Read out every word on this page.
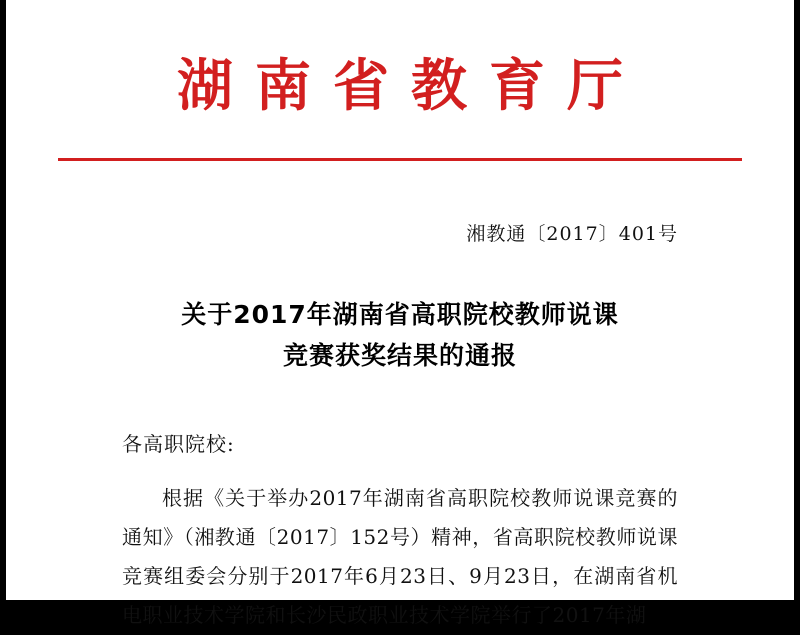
湖南省教育厅
湘教通〔2017〕401号
关于2017年湖南省高职院校教师说课
竞赛获奖结果的通报
各高职院校:
根据《关于举办2017年湖南省高职院校教师说课竞赛的通知》（湘教通〔2017〕152号）精神，省高职院校教师说课竞赛组委会分别于2017年6月23日、9月23日，在湖南省机电职业技术学院和长沙民政职业技术学院举行了2017年湖
